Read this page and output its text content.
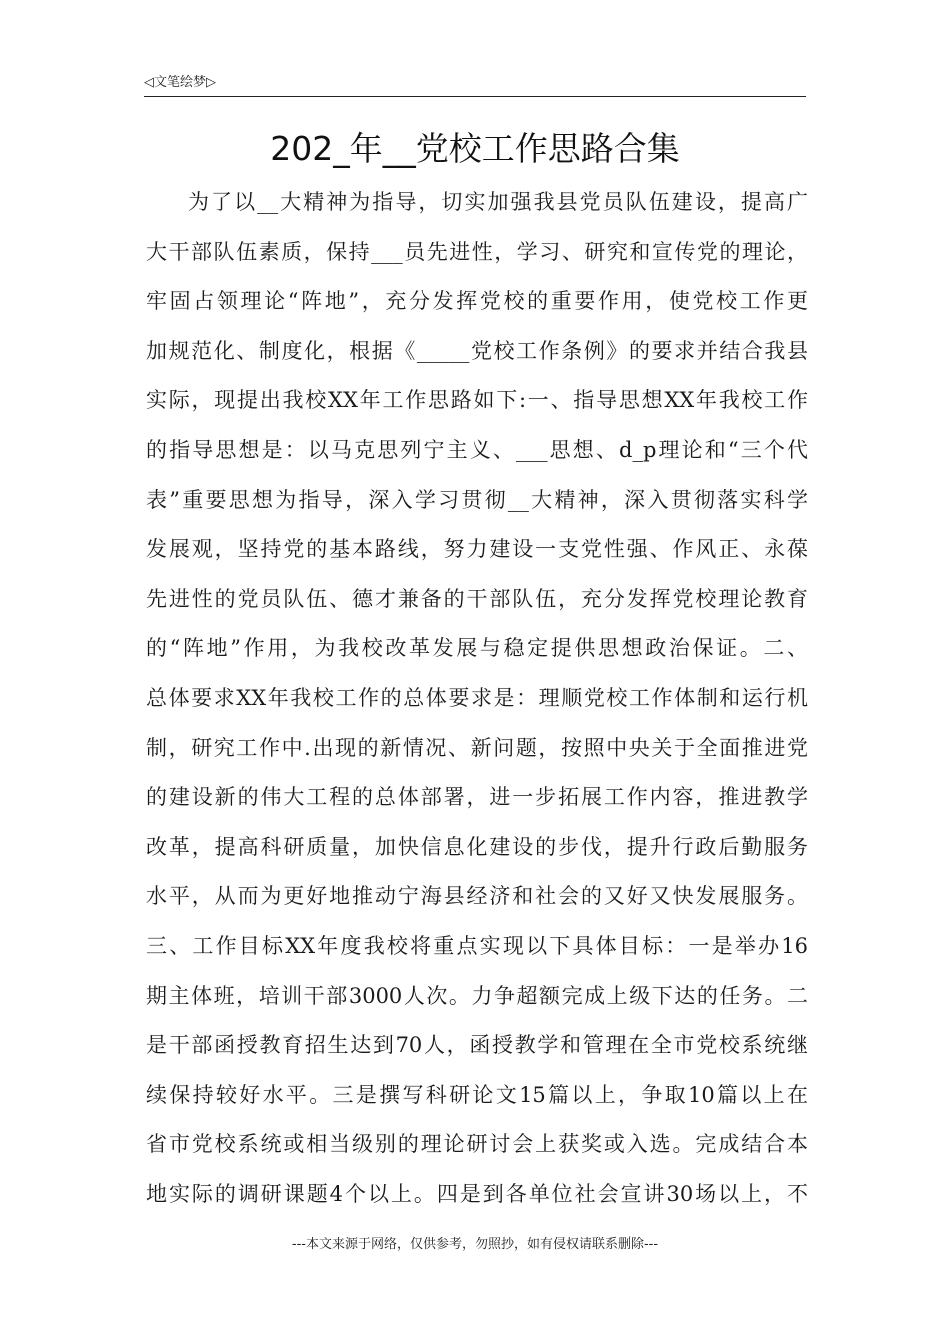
◁文笔绘梦▷
202_年__党校工作思路合集
为了以__大精神为指导，切实加强我县党员队伍建设，提高广
大干部队伍素质，保持___员先进性，学习、研究和宣传党的理论，
牢固占领理论“阵地”，充分发挥党校的重要作用，使党校工作更
加规范化、制度化，根据《_____党校工作条例》的要求并结合我县
实际，现提出我校XX年工作思路如下:一、指导思想XX年我校工作
的指导思想是：以马克思列宁主义、___思想、d_p理论和“三个代
表”重要思想为指导，深入学习贯彻__大精神，深入贯彻落实科学
发展观，坚持党的基本路线，努力建设一支党性强、作风正、永葆
先进性的党员队伍、德才兼备的干部队伍，充分发挥党校理论教育
的“阵地”作用，为我校改革发展与稳定提供思想政治保证。二、
总体要求XX年我校工作的总体要求是：理顺党校工作体制和运行机
制，研究工作中.出现的新情况、新问题，按照中央关于全面推进党
的建设新的伟大工程的总体部署，进一步拓展工作内容，推进教学
改革，提高科研质量，加快信息化建设的步伐，提升行政后勤服务
水平，从而为更好地推动宁海县经济和社会的又好又快发展服务。
三、工作目标XX年度我校将重点实现以下具体目标：一是举办16
期主体班，培训干部3000人次。力争超额完成上级下达的任务。二
是干部函授教育招生达到70人，函授教学和管理在全市党校系统继
续保持较好水平。三是撰写科研论文15篇以上，争取10篇以上在
省市党校系统或相当级别的理论研讨会上获奖或入选。完成结合本
地实际的调研课题4个以上。四是到各单位社会宣讲30场以上，不
---本文来源于网络，仅供参考，勿照抄，如有侵权请联系删除---
